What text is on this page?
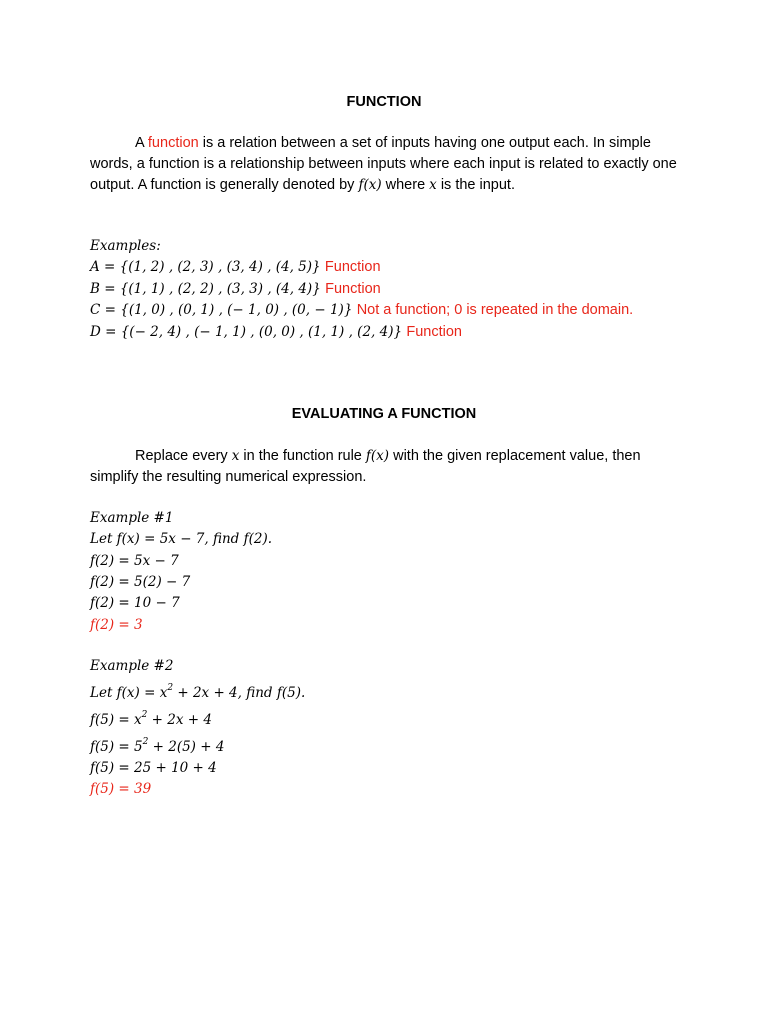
FUNCTION
A function is a relation between a set of inputs having one output each. In simple words, a function is a relationship between inputs where each input is related to exactly one output. A function is generally denoted by f(x) where x is the input.
Examples:
A = {(1, 2) , (2, 3) , (3, 4) , (4, 5)} Function
B = {(1, 1) , (2, 2) , (3, 3) , (4, 4)} Function
C = {(1, 0) , (0, 1) , (− 1, 0) , (0, − 1)} Not a function; 0 is repeated in the domain.
D = {(− 2, 4) , (− 1, 1) , (0, 0) , (1, 1) , (2, 4)} Function
EVALUATING A FUNCTION
Replace every x in the function rule f(x) with the given replacement value, then simplify the resulting numerical expression.
Example #1
Let f(x) = 5x − 7, find f(2).
f(2) = 5x − 7
f(2) = 5(2) − 7
f(2) = 10 − 7
f(2) = 3
Example #2
Let $f(x) = x^2 + 2x + 4$, find f(5).
$f(5) = x^2 + 2x + 4$
$f(5) = 5^2 + 2(5) + 4$
f(5) = 25 + 10 + 4
f(5) = 39
